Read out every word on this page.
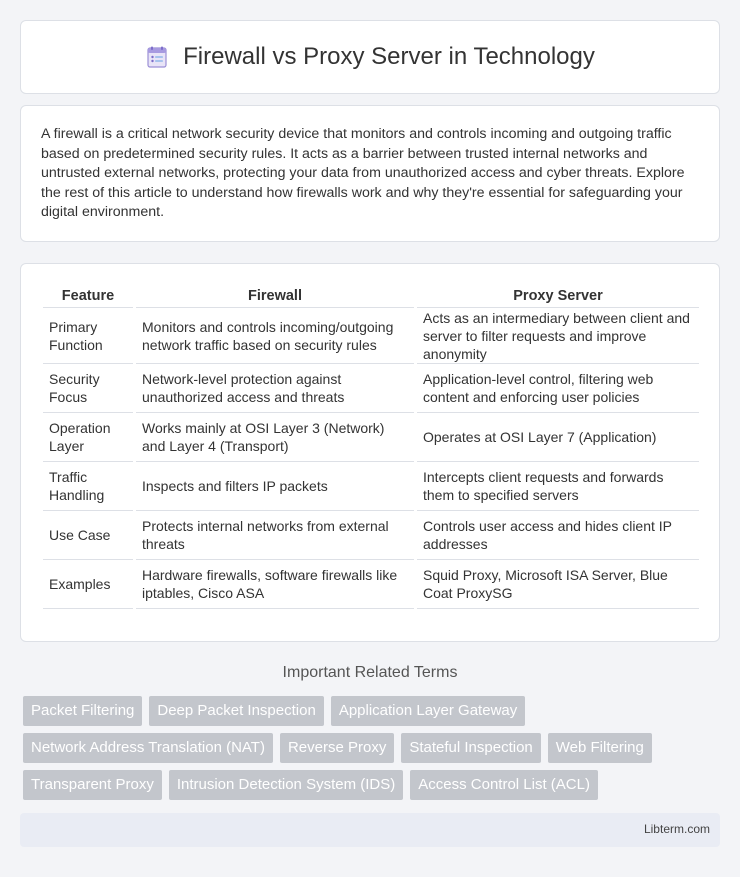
Firewall vs Proxy Server in Technology

A firewall is a critical network security device that monitors and controls incoming and outgoing traffic based on predetermined security rules. It acts as a barrier between trusted internal networks and untrusted external networks, protecting your data from unauthorized access and cyber threats. Explore the rest of this article to understand how firewalls work and why they're essential for safeguarding your digital environment.

Feature		Firewall		Proxy Server
Primary Function		Monitors and controls incoming/outgoing network traffic based on security rules		Acts as an intermediary between client and server to filter requests and improve anonymity
Security Focus		Network-level protection against unauthorized access and threats		Application-level control, filtering web content and enforcing user policies
Operation Layer		Works mainly at OSI Layer 3 (Network) and Layer 4 (Transport)		Operates at OSI Layer 7 (Application)
Traffic Handling		Inspects and filters IP packets		Intercepts client requests and forwards them to specified servers
Use Case		Protects internal networks from external threats		Controls user access and hides client IP addresses
Examples		Hardware firewalls, software firewalls like iptables, Cisco ASA		Squid Proxy, Microsoft ISA Server, Blue Coat ProxySG
Important Related Terms
Packet Filtering	Deep Packet Inspection	Application Layer Gateway
Network Address Translation (NAT)	Reverse Proxy	Stateful Inspection	Web Filtering
Transparent Proxy	Intrusion Detection System (IDS)	Access Control List (ACL)
Libterm.com
